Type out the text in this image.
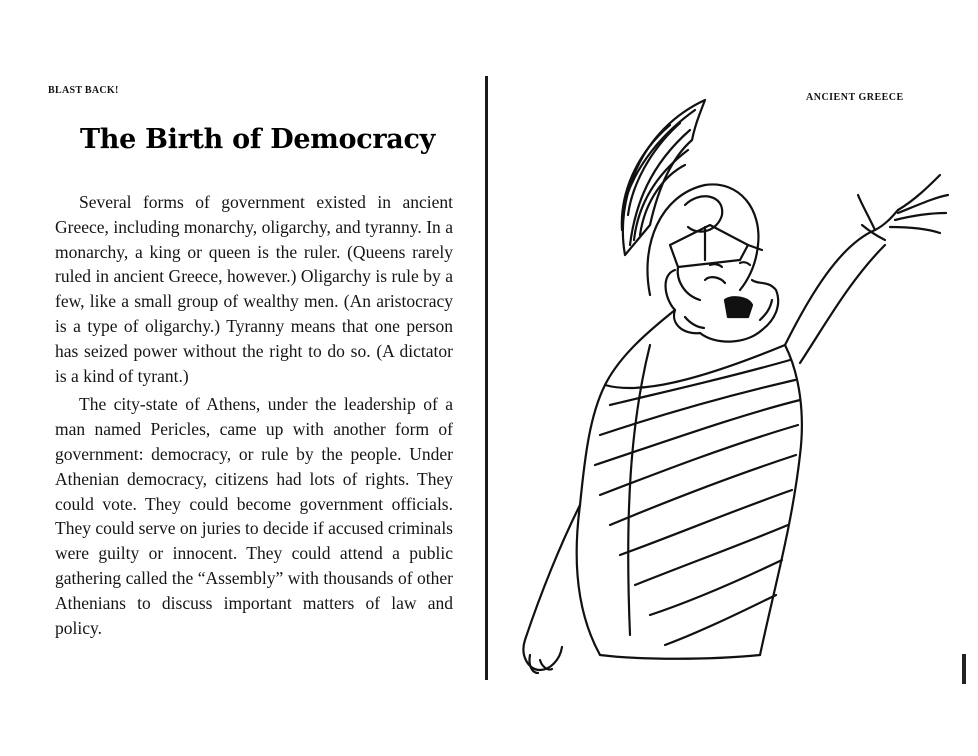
BLAST BACK!
The Birth of Democracy

Several forms of government existed in ancient Greece, including monarchy, oligarchy, and tyranny. In a monarchy, a king or queen is the ruler. (Queens rarely ruled in ancient Greece, however.) Oligarchy is rule by a few, like a small group of wealthy men. (An aristocracy is a type of oligarchy.) Tyranny means that one person has seized power without the right to do so. (A dictator is a kind of tyrant.)

The city-state of Athens, under the leadership of a man named Pericles, came up with another form of government: democracy, or rule by the people. Under Athenian democracy, citizens had lots of rights. They could vote. They could become government officials. They could serve on juries to decide if accused criminals were guilty or innocent. They could attend a public gathering called the “Assembly” with thousands of other Athenians to discuss important matters of law and policy.

ANCIENT GREECE
